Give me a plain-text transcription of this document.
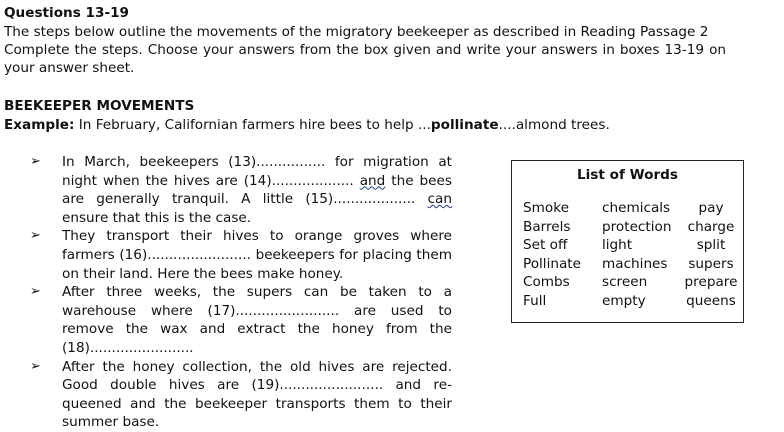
Questions 13-19

The steps below outline the movements of the migratory beekeeper as described in Reading Passage 2

Complete the steps. Choose your answers from the box given and write your answers in boxes 13-19 on your answer sheet.

BEEKEEPER MOVEMENTS

Example: In February, Californian farmers hire bees to help ...pollinate....almond trees.

➢ In March, beekeepers (13)................ for migration at night when the hives are (14)................... and the bees are generally tranquil. A little (15)................... can ensure that this is the case.
➢ They transport their hives to orange groves where farmers (16)........................ beekeepers for placing them on their land. Here the bees make honey.
➢ After three weeks, the supers can be taken to a warehouse where (17)........................ are used to remove the wax and extract the honey from the (18)........................
➢ After the honey collection, the old hives are rejected. Good double hives are (19)........................ and re-queened and the beekeeper transports them to their summer base.
List of Words
Smoke
Barrels
Set off
Pollinate
Combs
Full
chemicals
protection
light
machines
screen
empty
pay
charge
split
supers
prepare
queens
